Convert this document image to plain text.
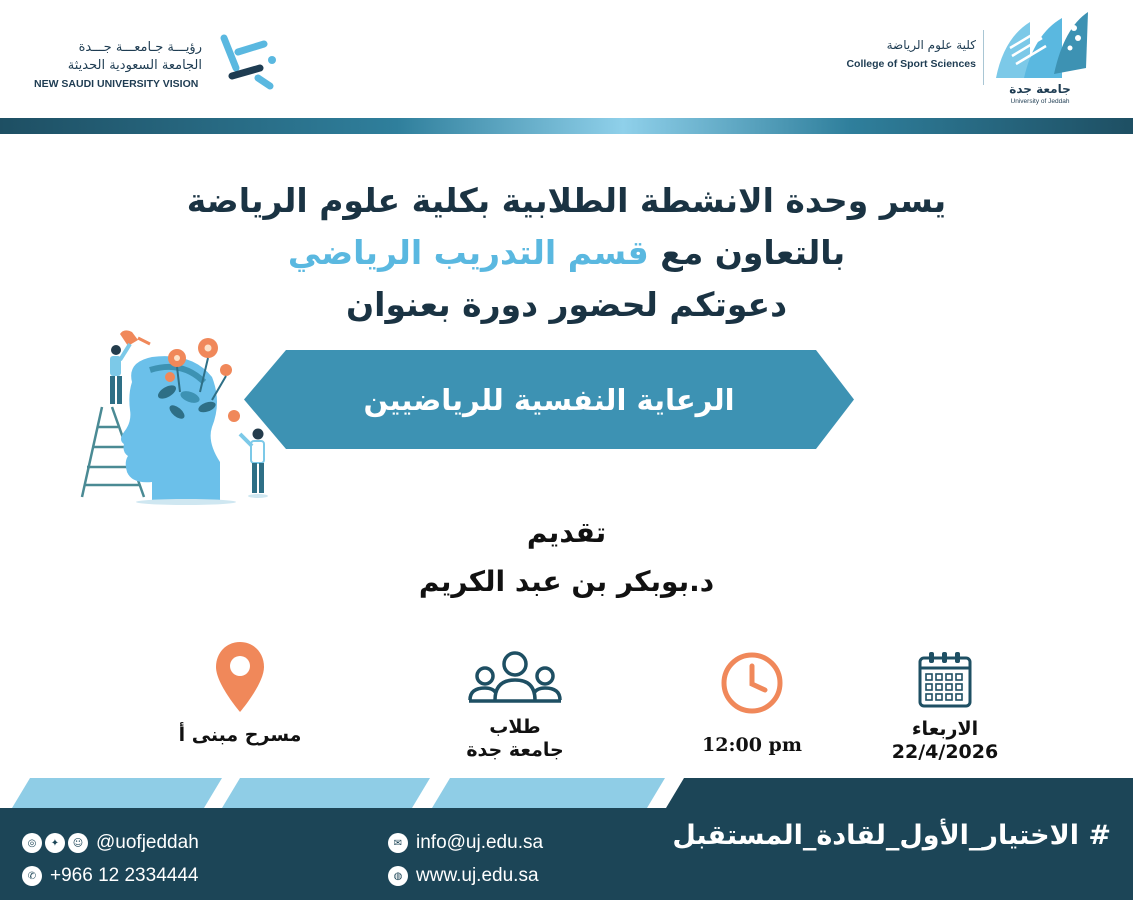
رؤيـــة جـامعـــة جـــدة
الجامعة السعودية الحديثة
NEW SAUDI UNIVERSITY VISION
كلية علوم الرياضة
College of Sport Sciences
جامعة جدة
University of Jeddah
يسر وحدة الانشطة الطلابية بكلية علوم الرياضة
بالتعاون مع قسم التدريب الرياضي
دعوتكم لحضور دورة بعنوان
الرعاية النفسية للرياضيين
تقديم
د.بوبكر بن عبد الكريم
مسرح مبنى أ	طلاب
جامعة جدة	12:00 pm
الاربعاء
22/4/2026
◎	✦	☺ @uofjeddah
✆ +966 12 2334444
✉ info@uj.edu.sa
◍ www.uj.edu.sa
# الاختيار_الأول_لقادة_المستقبل
